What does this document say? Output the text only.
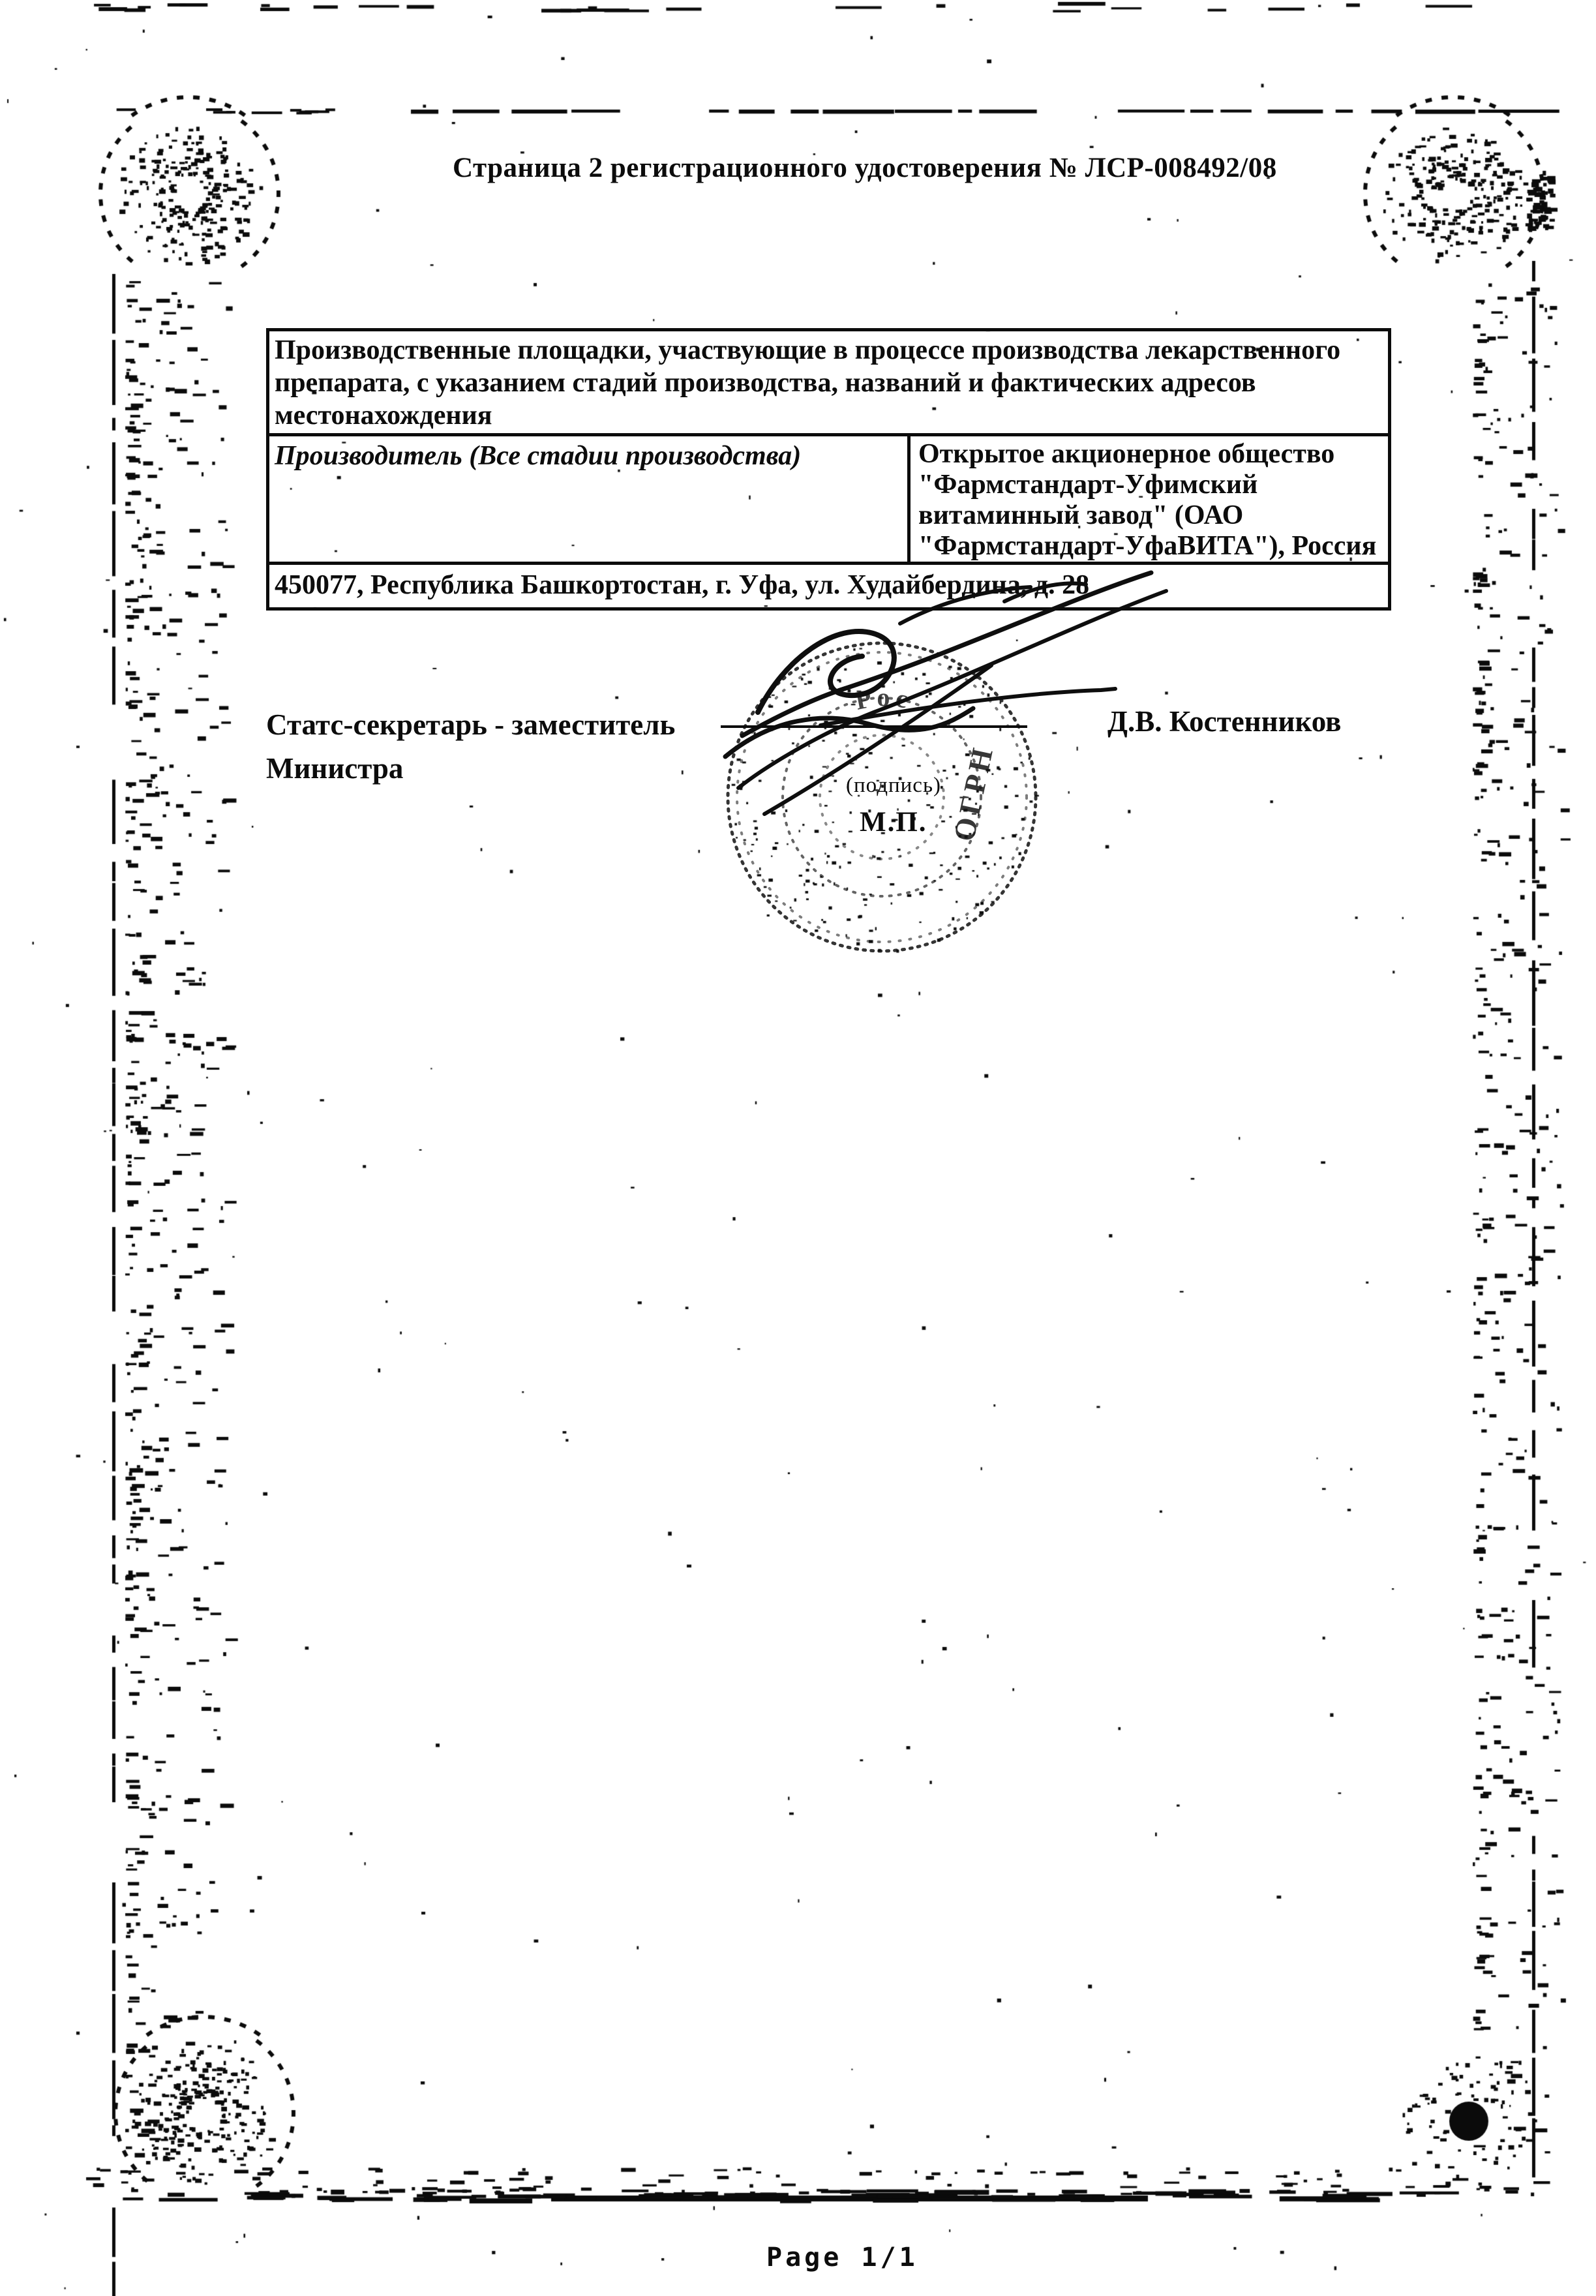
Страница 2 регистрационного удостоверения № ЛСР-008492/08
Производственные площадки, участвующие в процессе производства лекарственного препарата, с указанием стадий производства, названий и фактических адресов местонахождения
Производитель (Все стадии производства)	Открытое акционерное общество "Фармстандарт-Уфимский витаминный завод" (ОАО "Фармстандарт-УфаВИТА"), Россия
450077, Республика Башкортостан, г. Уфа, ул. Худайбердина, д. 28
Статс-секретарь - заместитель
Министра
Д.В. Костенников
Рос
ОГРН
(подпись)
М.П.
Page 1/1
